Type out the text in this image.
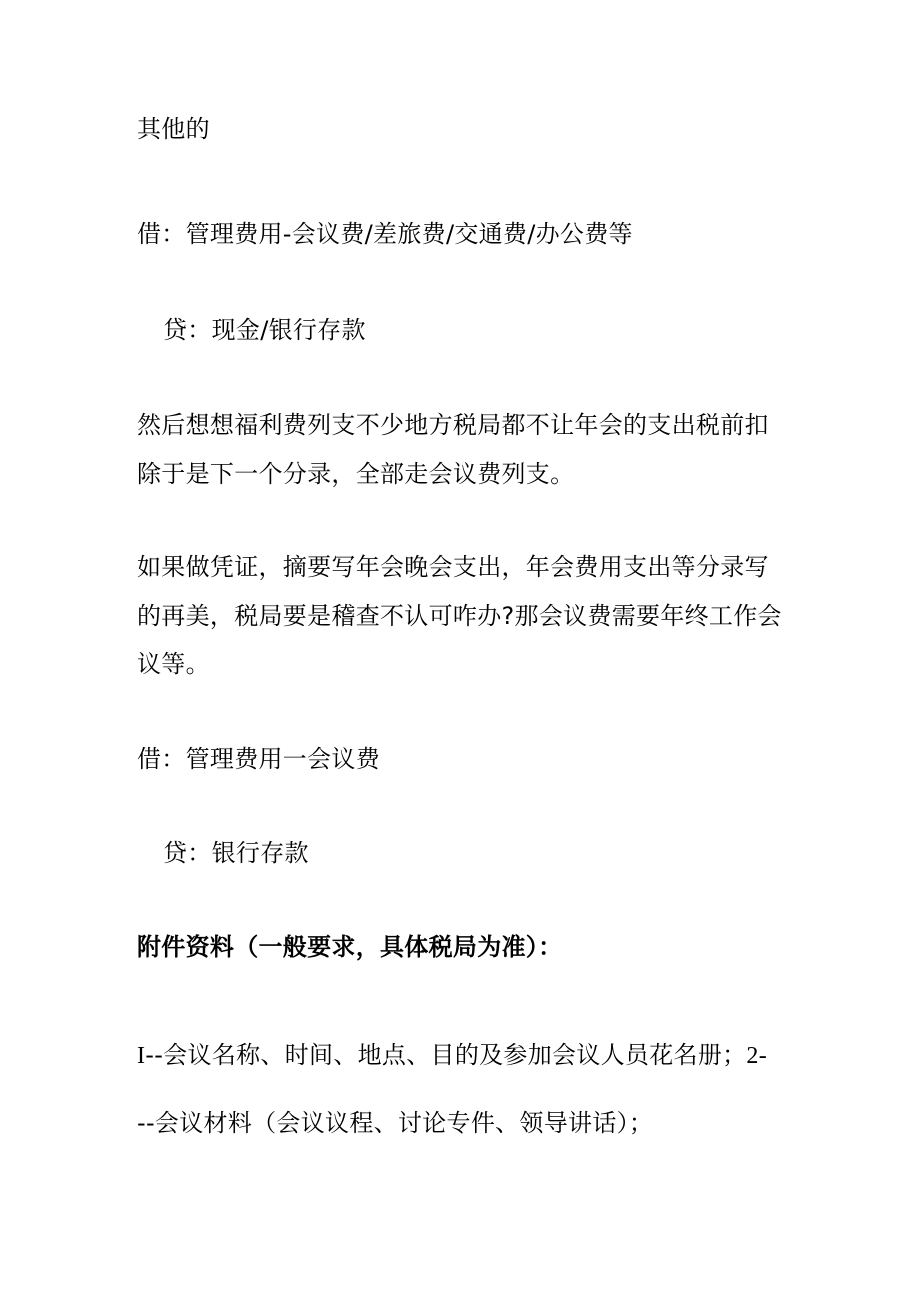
其他的
借：管理费用-会议费/差旅费/交通费/办公费等
贷：现金/银行存款
然后想想福利费列支不少地方税局都不让年会的支出税前扣
除于是下一个分录，全部走会议费列支。
如果做凭证，摘要写年会晚会支出，年会费用支出等分录写
的再美，税局要是稽查不认可咋办?那会议费需要年终工作会
议等。
借：管理费用一会议费
贷：银行存款
附件资料（一般要求，具体税局为准）：
I--会议名称、时间、地点、目的及参加会议人员花名册；2-
--会议材料（会议议程、讨论专件、领导讲话）；
